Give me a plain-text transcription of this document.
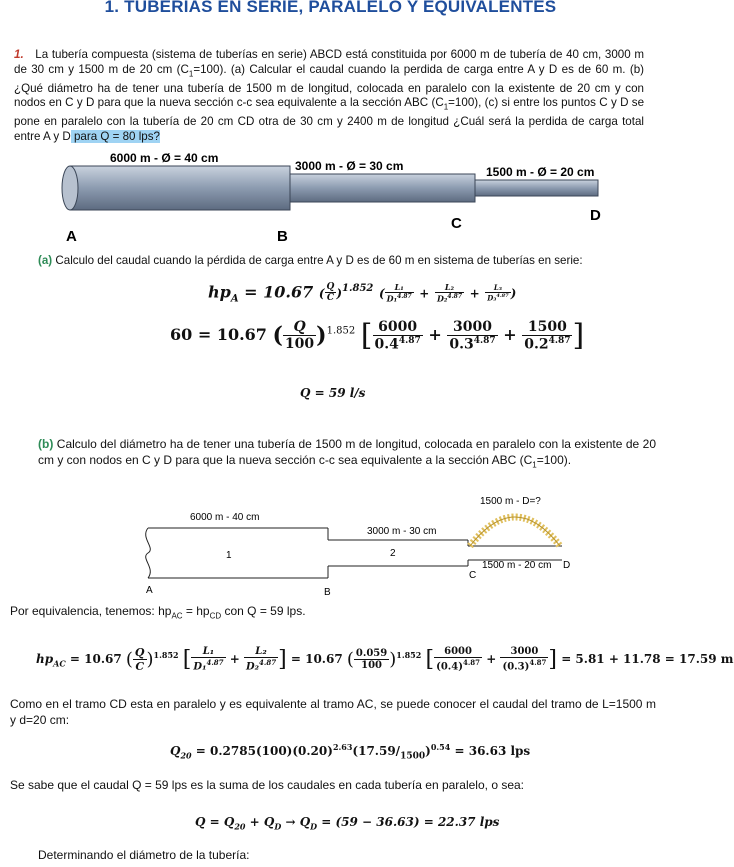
1. TUBERIAS EN SERIE, PARALELO Y EQUIVALENTES
1. La tubería compuesta (sistema de tuberías en serie) ABCD está constituida por 6000 m de tubería de 40 cm, 3000 m de 30 cm y 1500 m de 20 cm $(C_1=100)$. (a) Calcular el caudal cuando la perdida de carga entre A y D es de 60 m. (b) ¿Qué diámetro ha de tener una tubería de 1500 m de longitud, colocada en paralelo con la existente de 20 cm y con nodos en C y D para que la nueva sección c-c sea equivalente a la sección ABC $(C_1=100)$, (c) si entre los puntos C y D se pone en paralelo con la tubería de 20 cm CD otra de 30 cm y 2400 m de longitud ¿Cuál será la perdida de carga total entre A y D para Q = 80 lps?
6000 m - Ø = 40 cm
3000 m - Ø = 30 cm	1500 m - Ø = 20 cm
A	B
C	D
(a) Calculo del caudal cuando la pérdida de carga entre A y D es de 60 m en sistema de tuberías en serie:
$hp_A = 10.67$ ( $\frac{Q}{C} )^{1.852}$ ( $\frac{\text{L₁}}{D_1^{4.87}} + \frac{\text{L₂}}{D_2^{4.87}} + \frac{\text{L₃}}{D_3^{4.87}}$ )
60 = 10.67 ( $\frac{Q}{100} )^{1.852}$ [ $\frac{6000}{0.4^{4.87}} + \frac{3000}{0.3^{4.87}} + \frac{1500}{0.2^{4.87}}$ ]
Q = 59 l/s
(b) Calculo del diámetro ha de tener una tubería de 1500 m de longitud, colocada en paralelo con la existente de 20 cm y con nodos en C y D para que la nueva sección c-c sea equivalente a la sección ABC $(C_1=100)$.
6000 m - 40 cm
3000 m - 30 cm
1500 m - D=?
1500 m - 20 cm
1	2
A	B
C
D
Por equivalencia, tenemos: $hp_{AC} = hp_{CD}$ con Q = 59 lps.
$hp_{AC} = 10.67$ ( $\frac{Q}{C} )^{1.852}$ [ $\frac{\text{L₁}}{D_1^{4.87}} + \frac{\text{L₂}}{D_2^{4.87}}$ ] = 10.67 ( $\frac{0.059}{100} )^{1.852}$ [ $\frac{6000}{(0.4)^{4.87}} + \frac{3000}{(0.3)^{4.87}}$ ] = 5.81 + 11.78 = 17.59 m
Como en el tramo CD esta en paralelo y es equivalente al tramo AC, se puede conocer el caudal del tramo de L=1500 m y d=20 cm:
$Q_{20} = 0.2785(100)(0.20)^{2.63}(17.59/_{1500})^{0.54} = 36.63$ lps
Se sabe que el caudal Q = 59 lps es la suma de los caudales en cada tubería en paralelo, o sea:
$Q = Q_{20} + Q_D \to Q_D = (59 - 36.63) = 22.37$ lps
Determinando el diámetro de la tubería:
